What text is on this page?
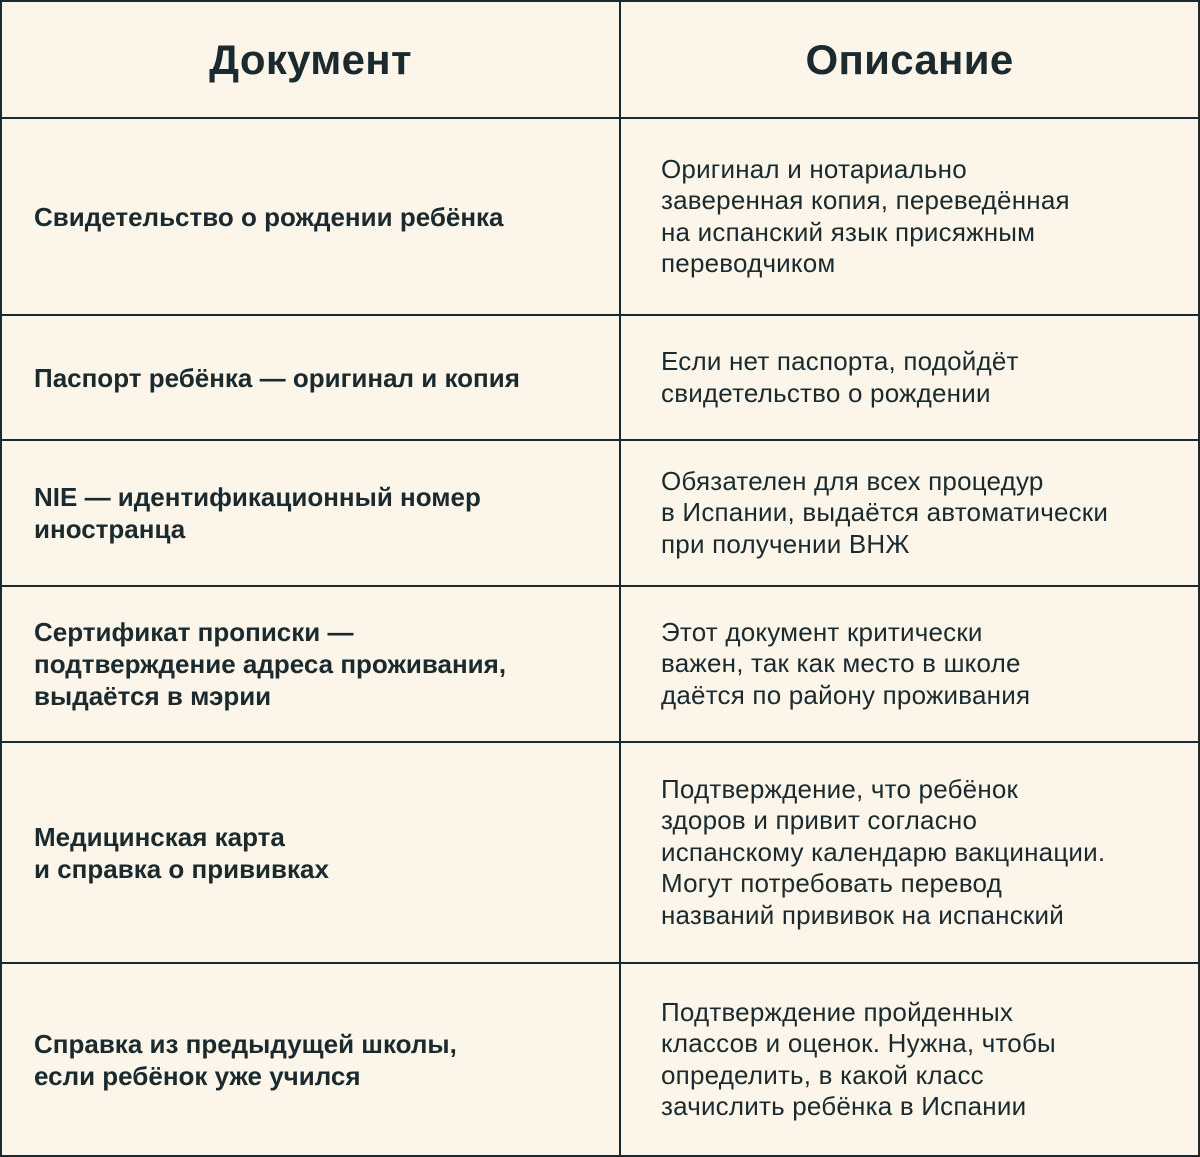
Документ	Описание
Свидетельство о рождении ребёнка
Оригинал и нотариально
заверенная копия, переведённая
на испанский язык присяжным
переводчиком
Паспорт ребёнка — оригинал и копия
Если нет паспорта, подойдёт
свидетельство о рождении
NIE — идентификационный номер
иностранца
Обязателен для всех процедур
в Испании, выдаётся автоматически
при получении ВНЖ
Сертификат прописки —
подтверждение адреса проживания,
выдаётся в мэрии
Этот документ критически
важен, так как место в школе
даётся по району проживания
Медицинская карта
и справка о прививках
Подтверждение, что ребёнок
здоров и привит согласно
испанскому календарю вакцинации.
Могут потребовать перевод
названий прививок на испанский
Справка из предыдущей школы,
если ребёнок уже учился
Подтверждение пройденных
классов и оценок. Нужна, чтобы
определить, в какой класс
зачислить ребёнка в Испании
